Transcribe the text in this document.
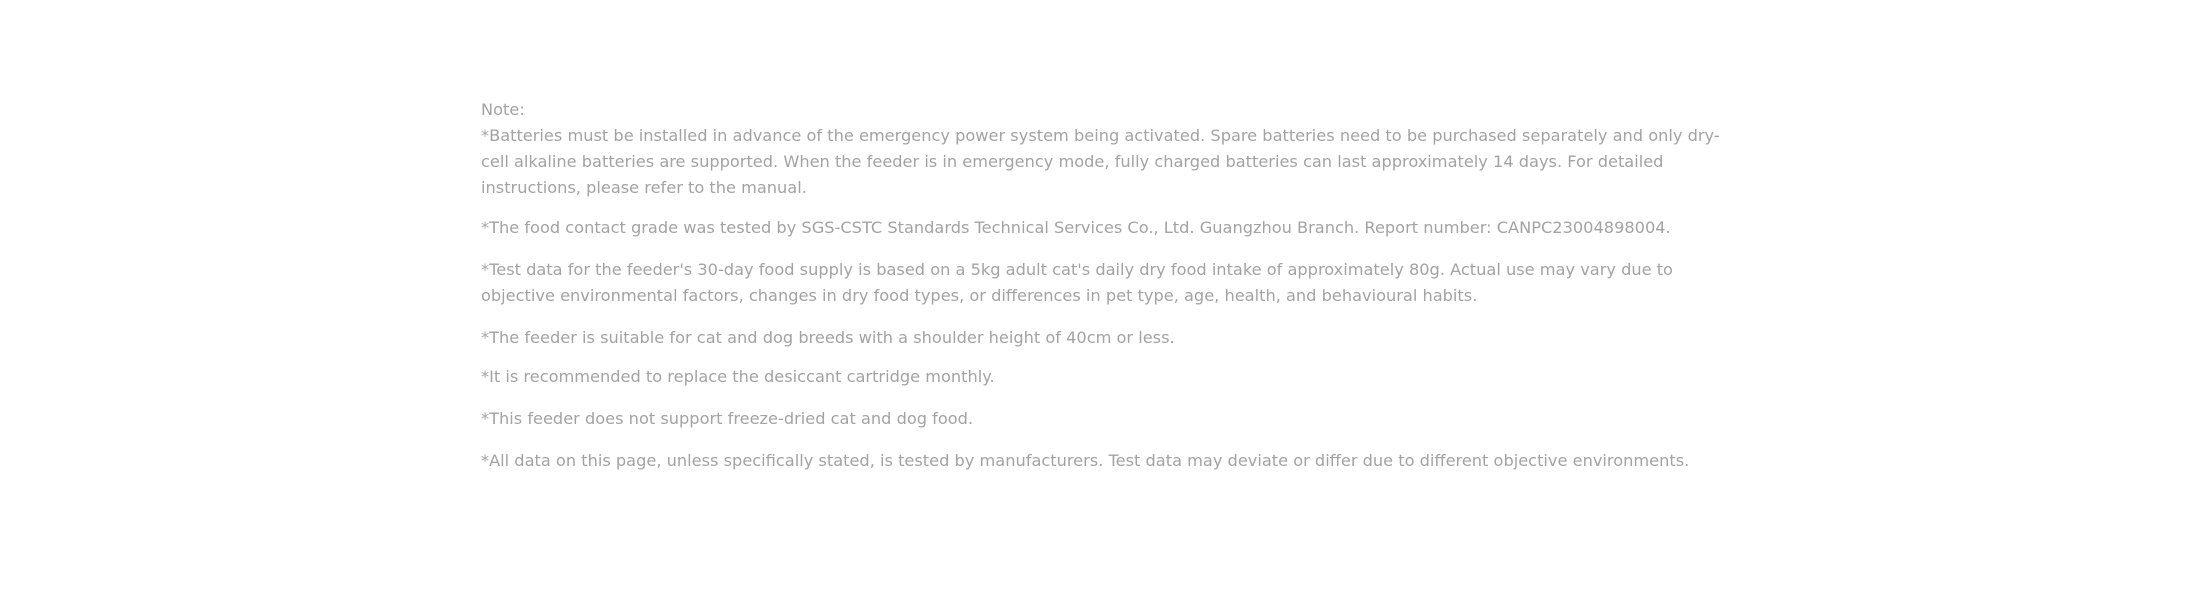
Note:

*Batteries must be installed in advance of the emergency power system being activated. Spare batteries need to be purchased separately and only dry-cell alkaline batteries are supported. When the feeder is in emergency mode, fully charged batteries can last approximately 14 days. For detailed instructions, please refer to the manual.

*The food contact grade was tested by SGS-CSTC Standards Technical Services Co., Ltd. Guangzhou Branch. Report number: CANPC23004898004.

*Test data for the feeder's 30-day food supply is based on a 5kg adult cat's daily dry food intake of approximately 80g. Actual use may vary due to objective environmental factors, changes in dry food types, or differences in pet type, age, health, and behavioural habits.

*The feeder is suitable for cat and dog breeds with a shoulder height of 40cm or less.

*It is recommended to replace the desiccant cartridge monthly.

*This feeder does not support freeze-dried cat and dog food.

*All data on this page, unless specifically stated, is tested by manufacturers. Test data may deviate or differ due to different objective environments.
